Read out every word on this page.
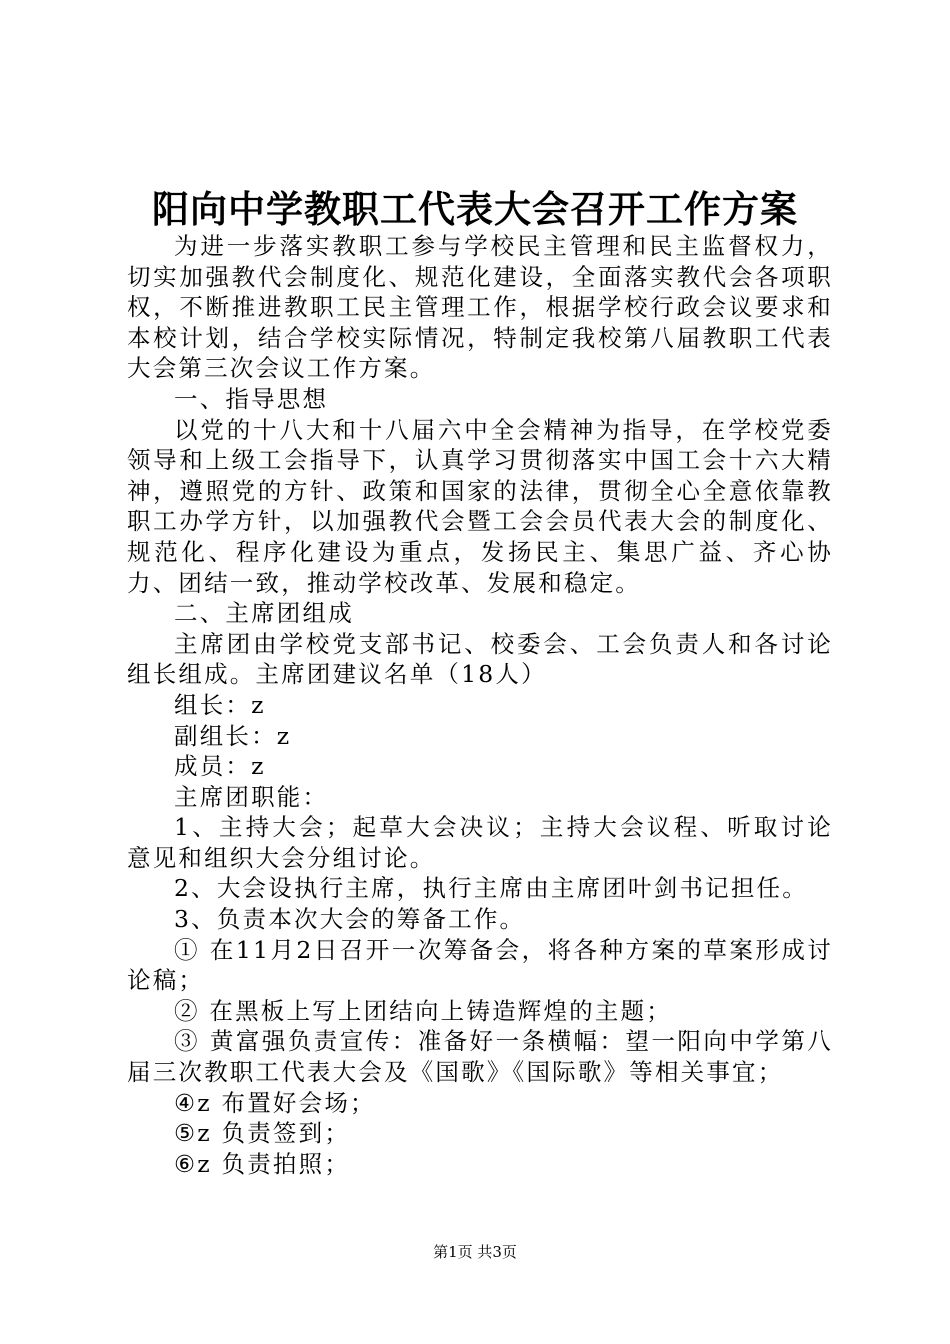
阳向中学教职工代表大会召开工作方案

为进一步落实教职工参与学校民主管理和民主监督权力，切实加强教代会制度化、规范化建设，全面落实教代会各项职权，不断推进教职工民主管理工作，根据学校行政会议要求和本校计划，结合学校实际情况，特制定我校第八届教职工代表大会第三次会议工作方案。

一、指导思想

以党的十八大和十八届六中全会精神为指导，在学校党委领导和上级工会指导下，认真学习贯彻落实中国工会十六大精神，遵照党的方针、政策和国家的法律，贯彻全心全意依靠教职工办学方针，以加强教代会暨工会会员代表大会的制度化、规范化、程序化建设为重点，发扬民主、集思广益、齐心协力、团结一致，推动学校改革、发展和稳定。

二、主席团组成

主席团由学校党支部书记、校委会、工会负责人和各讨论组长组成。主席团建议名单（18人）

组长：z

副组长：z

成员：z

主席团职能：

1、主持大会；起草大会决议；主持大会议程、听取讨论意见和组织大会分组讨论。

2、大会设执行主席，执行主席由主席团叶剑书记担任。

3、负责本次大会的筹备工作。

① 在11月2日召开一次筹备会，将各种方案的草案形成讨论稿；

② 在黑板上写上团结向上铸造辉煌的主题；

③ 黄富强负责宣传：准备好一条横幅：望一阳向中学第八届三次教职工代表大会及《国歌》《国际歌》等相关事宜；

④z 布置好会场；

⑤z 负责签到；

⑥z 负责拍照；

第1页 共3页
